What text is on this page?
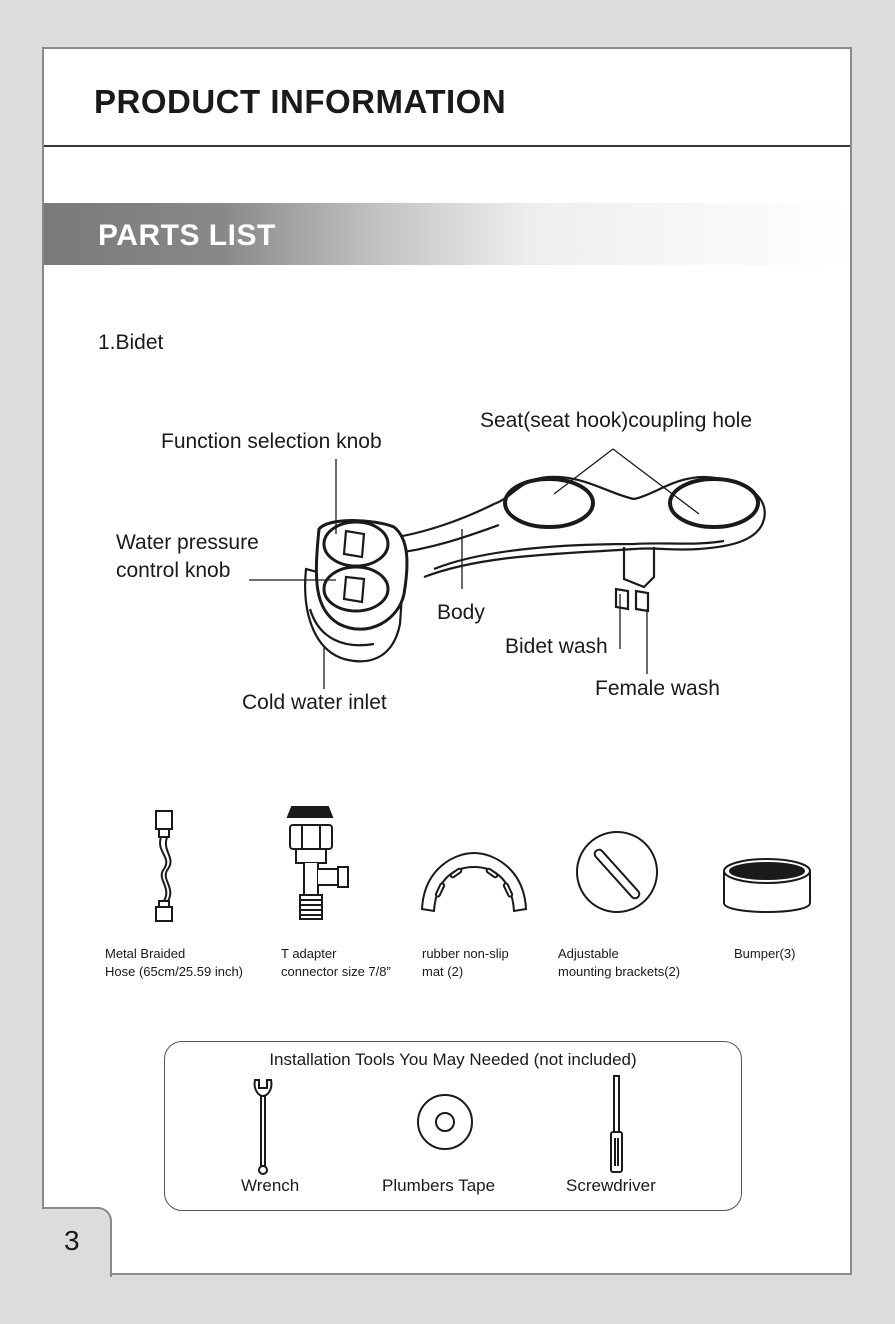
PRODUCT INFORMATION
PARTS LIST
1.Bidet
Seat(seat hook)coupling hole
Function selection knob
Water pressure
control knob
Body
Bidet wash
Female wash
Cold water inlet
Metal Braided
Hose (65cm/25.59 inch)
T adapter
connector size 7/8”
rubber non-slip
mat (2)
Adjustable
mounting brackets(2)
Bumper(3)
Installation Tools You May Needed (not included)
Wrench	Plumbers Tape	Screwdriver
3
